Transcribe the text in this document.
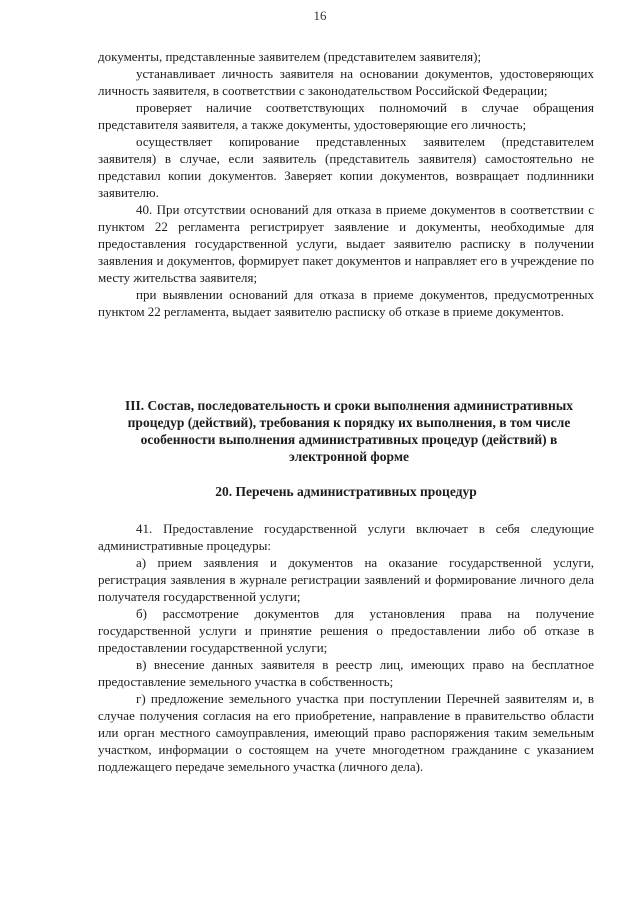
16

документы, представленные заявителем (представителем заявителя);

устанавливает личность заявителя на основании документов, удостоверяющих личность заявителя, в соответствии с законодательством Российской Федерации;

проверяет наличие соответствующих полномочий в случае обращения представителя заявителя, а также документы, удостоверяющие его личность;

осуществляет копирование представленных заявителем (представителем заявителя) в случае, если заявитель (представитель заявителя) самостоятельно не представил копии документов. Заверяет копии документов, возвращает подлинники заявителю.

40. При отсутствии оснований для отказа в приеме документов в соответствии с пунктом 22 регламента регистрирует заявление и документы, необходимые для предоставления государственной услуги, выдает заявителю расписку в получении заявления и документов, формирует пакет документов и направляет его в учреждение по месту жительства заявителя;

при выявлении оснований для отказа в приеме документов, предусмотренных пунктом 22 регламента, выдает заявителю расписку об отказе в приеме документов.

III. Состав, последовательность и сроки выполнения административных процедур (действий), требования к порядку их выполнения, в том числе особенности выполнения административных процедур (действий) в электронной форме
20. Перечень административных процедур

41. Предоставление государственной услуги включает в себя следующие административные процедуры:

а) прием заявления и документов на оказание государственной услуги, регистрация заявления в журнале регистрации заявлений и формирование личного дела получателя государственной услуги;

б) рассмотрение документов для установления права на получение государственной услуги и принятие решения о предоставлении либо об отказе в предоставлении государственной услуги;

в) внесение данных заявителя в реестр лиц, имеющих право на бесплатное предоставление земельного участка в собственность;

г) предложение земельного участка при поступлении Перечней заявителям и, в случае получения согласия на его приобретение, направление в правительство области или орган местного самоуправления, имеющий право распоряжения таким земельным участком, информации о состоящем на учете многодетном гражданине с указанием подлежащего передаче земельного участка (личного дела).
